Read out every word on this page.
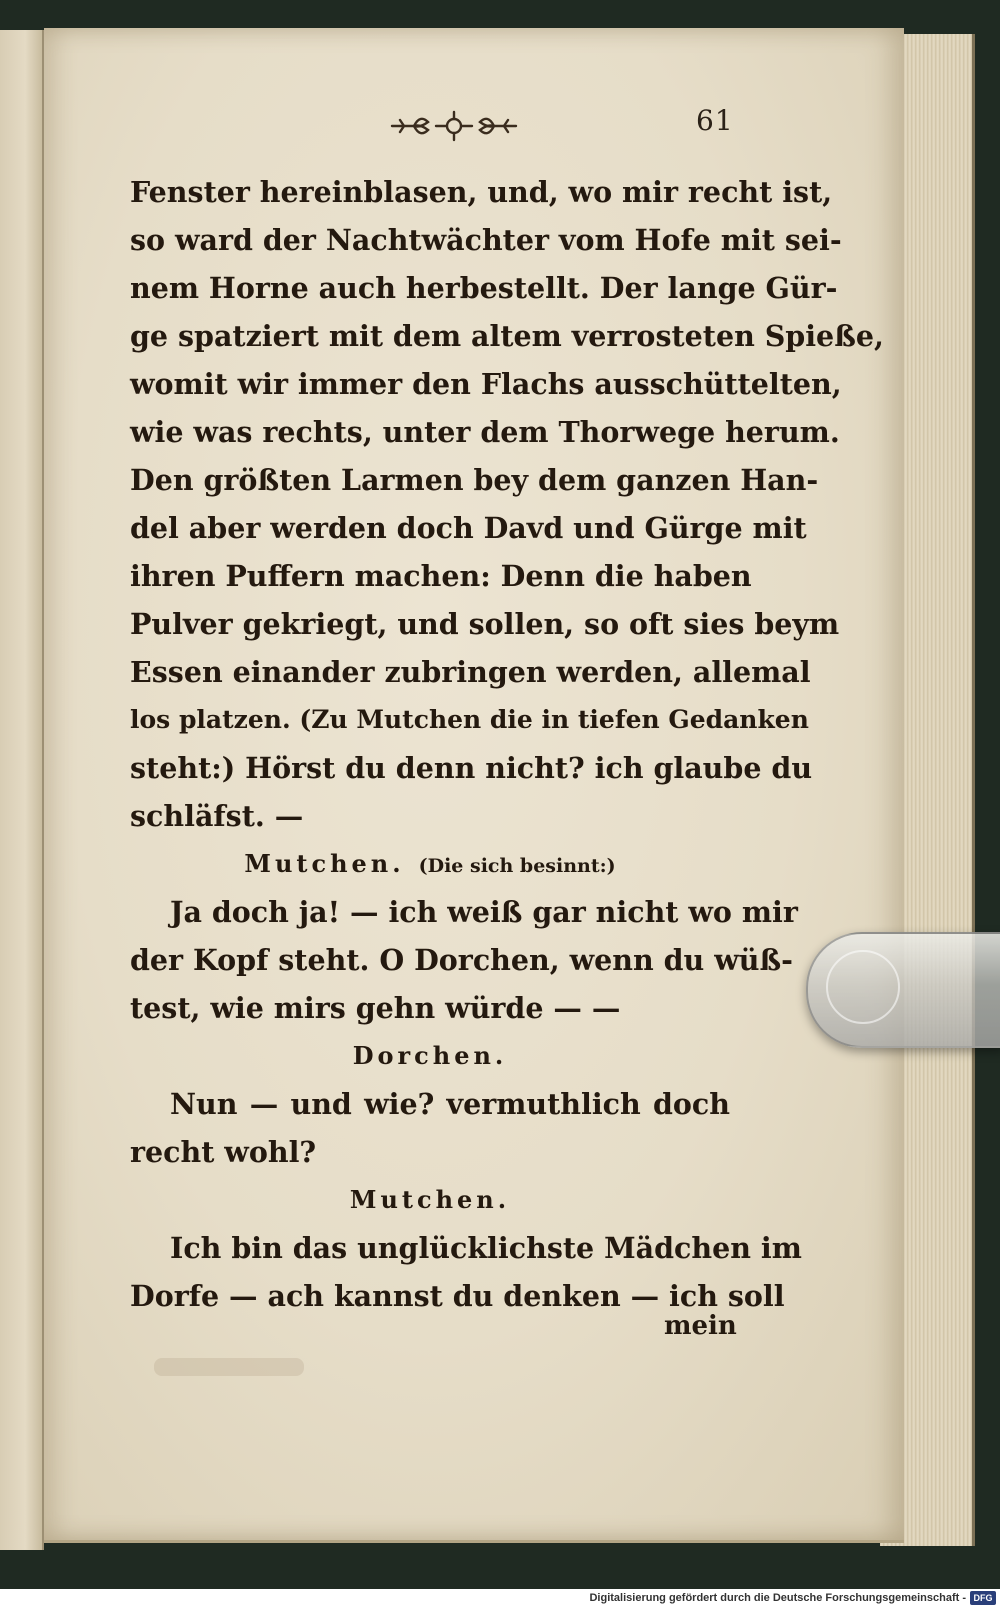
61
Fenster hereinblasen, und, wo mir recht ist,
so ward der Nachtwächter vom Hofe mit sei-
nem Horne auch herbestellt. Der lange Gür-
ge spatziert mit dem altem verrosteten Spieße,
womit wir immer den Flachs ausschüttelten,
wie was rechts, unter dem Thorwege herum.
Den größten Larmen bey dem ganzen Han-
del aber werden doch Davd und Gürge mit
ihren Puffern machen: Denn die haben
Pulver gekriegt, und sollen, so oft sies beym
Essen einander zubringen werden, allemal
los platzen. (Zu Mutchen die in tiefen Gedanken
steht:) Hörst du denn nicht? ich glaube du
schläfst. —
Mutchen. (Die sich besinnt:)
Ja doch ja! — ich weiß gar nicht wo mir
der Kopf steht. O Dorchen, wenn du wüß-
test, wie mirs gehn würde — —
Dorchen.
Nun — und wie? vermuthlich doch
recht wohl?
Mutchen.
Ich bin das unglücklichste Mädchen im
Dorfe — ach kannst du denken — ich soll
mein
Digitalisierung gefördert durch die Deutsche Forschungsgemeinschaft - DFG
